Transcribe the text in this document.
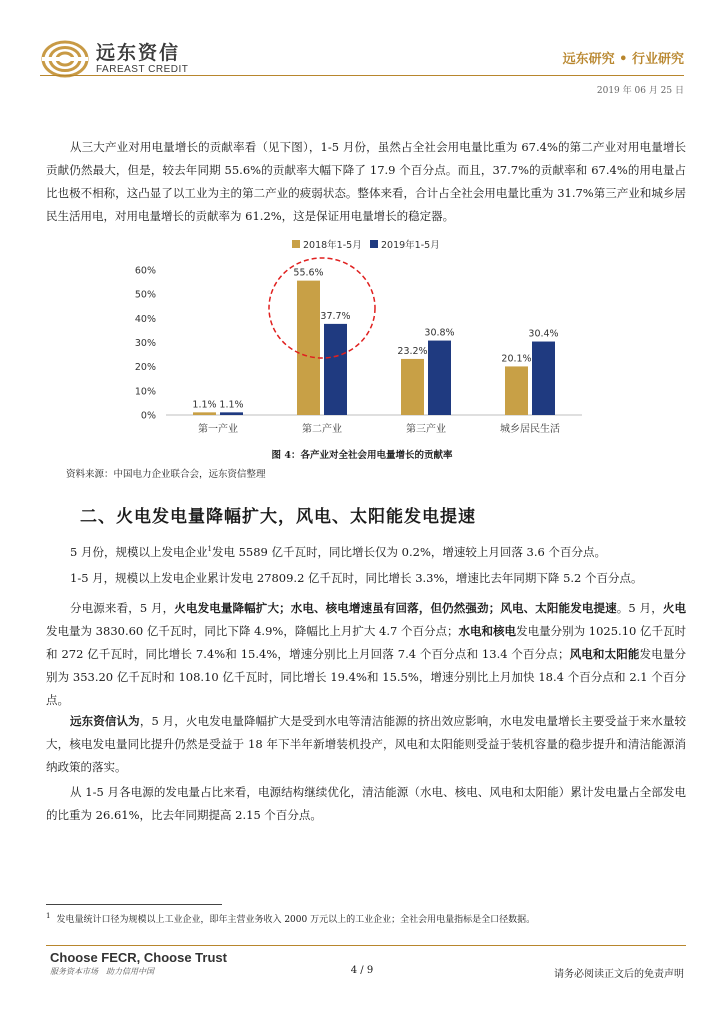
远东资信
FAREAST CREDIT
远东研究 • 行业研究
2019 年 06 月 25 日
从三大产业对用电量增长的贡献率看（见下图），1-5 月份，虽然占全社会用电量比重为 67.4%的第二产业对用电量增长贡献仍然最大，但是，较去年同期 55.6%的贡献率大幅下降了 17.9 个百分点。而且，37.7%的贡献率和 67.4%的用电量占比也极不相称，这凸显了以工业为主的第二产业的疲弱状态。整体来看，合计占全社会用电量比重为 31.7%第三产业和城乡居民生活用电，对用电量增长的贡献率为 61.2%，这是保证用电量增长的稳定器。
2018年1-5月 2019年1-5月
0%
10%
20%
30%
40%
50%
60%
1.1% 1.1%
第一产业
55.6%
37.7%
第二产业
23.2%
30.8%
第三产业
20.1%
30.4%
城乡居民生活
图 4：各产业对全社会用电量增长的贡献率
资料来源：中国电力企业联合会，远东资信整理
二、火电发电量降幅扩大，风电、太阳能发电提速
5 月份，规模以上发电企业$^1$发电 5589 亿千瓦时，同比增长仅为 0.2%，增速较上月回落 3.6 个百分点。
1-5 月，规模以上发电企业累计发电 27809.2 亿千瓦时，同比增长 3.3%，增速比去年同期下降 5.2 个百分点。
分电源来看，5 月，火电发电量降幅扩大；水电、核电增速虽有回落，但仍然强劲；风电、太阳能发电提速。5 月，火电发电量为 3830.60 亿千瓦时，同比下降 4.9%，降幅比上月扩大 4.7 个百分点；水电和核电发电量分别为 1025.10 亿千瓦时和 272 亿千瓦时，同比增长 7.4%和 15.4%，增速分别比上月回落 7.4 个百分点和 13.4 个百分点；风电和太阳能发电量分别为 353.20 亿千瓦时和 108.10 亿千瓦时，同比增长 19.4%和 15.5%，增速分别比上月加快 18.4 个百分点和 2.1 个百分点。
远东资信认为，5 月，火电发电量降幅扩大是受到水电等清洁能源的挤出效应影响，水电发电量增长主要受益于来水量较大，核电发电量同比提升仍然是受益于 18 年下半年新增装机投产，风电和太阳能则受益于装机容量的稳步提升和清洁能源消纳政策的落实。
从 1-5 月各电源的发电量占比来看，电源结构继续优化，清洁能源（水电、核电、风电和太阳能）累计发电量占全部发电的比重为 26.61%，比去年同期提高 2.15 个百分点。
$^1$ 发电量统计口径为规模以上工业企业，即年主营业务收入 2000 万元以上的工业企业；全社会用电量指标是全口径数据。
Choose FECR, Choose Trust
服务资本市场　助力信用中国	4 / 9	请务必阅读正文后的免责声明
